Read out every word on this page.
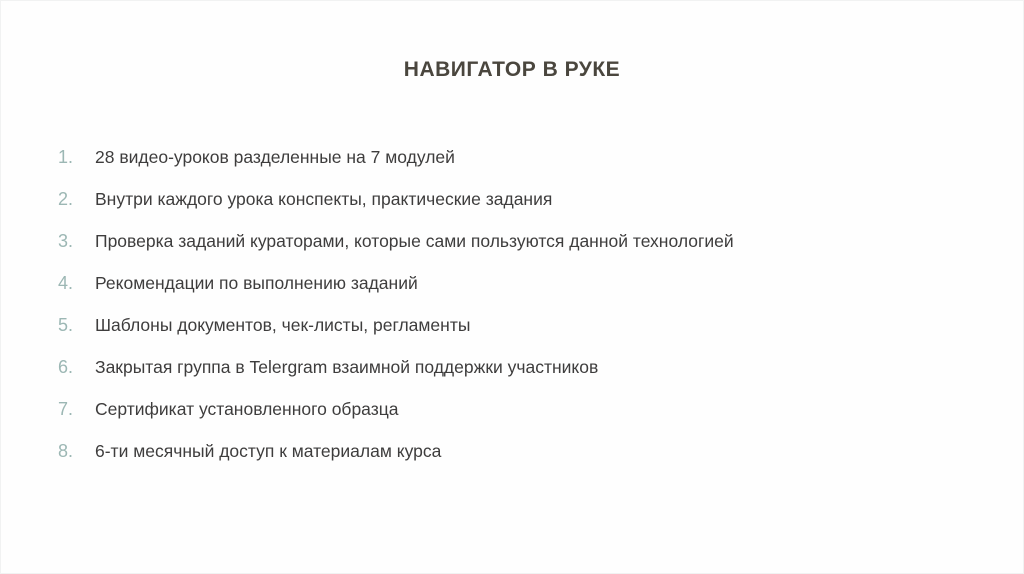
НАВИГАТОР В РУКЕ
1.	28 видео-уроков разделенные на 7 модулей
2.	Внутри каждого урока конспекты, практические задания
3.	Проверка заданий кураторами, которые сами пользуются данной технологией
4.	Рекомендации по выполнению заданий
5.	Шаблоны документов, чек-листы, регламенты
6.	Закрытая группа в Telergram взаимной поддержки участников
7.	Сертификат установленного образца
8.	6-ти месячный доступ к материалам курса
